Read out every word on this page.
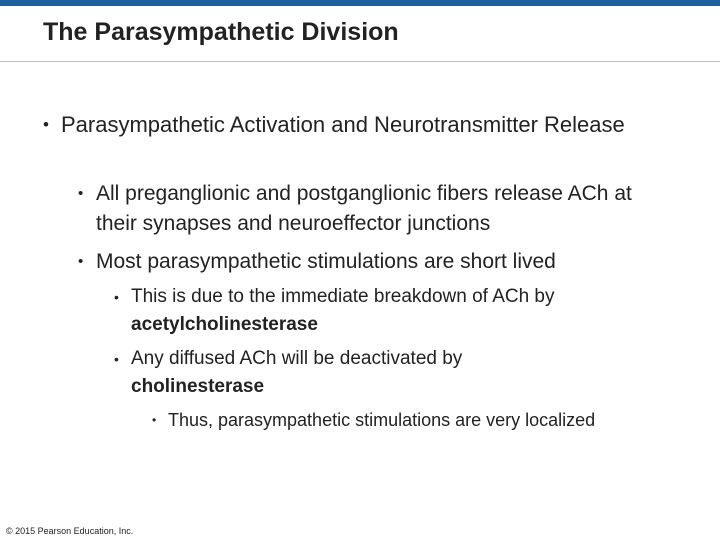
The Parasympathetic Division
• Parasympathetic Activation and Neurotransmitter Release
• All preganglionic and postganglionic fibers release ACh at their synapses and neuroeffector junctions
• Most parasympathetic stimulations are short lived
• This is due to the immediate breakdown of ACh by
acetylcholinesterase
• Any diffused ACh will be deactivated by
cholinesterase
• Thus, parasympathetic stimulations are very localized
© 2015 Pearson Education, Inc.
